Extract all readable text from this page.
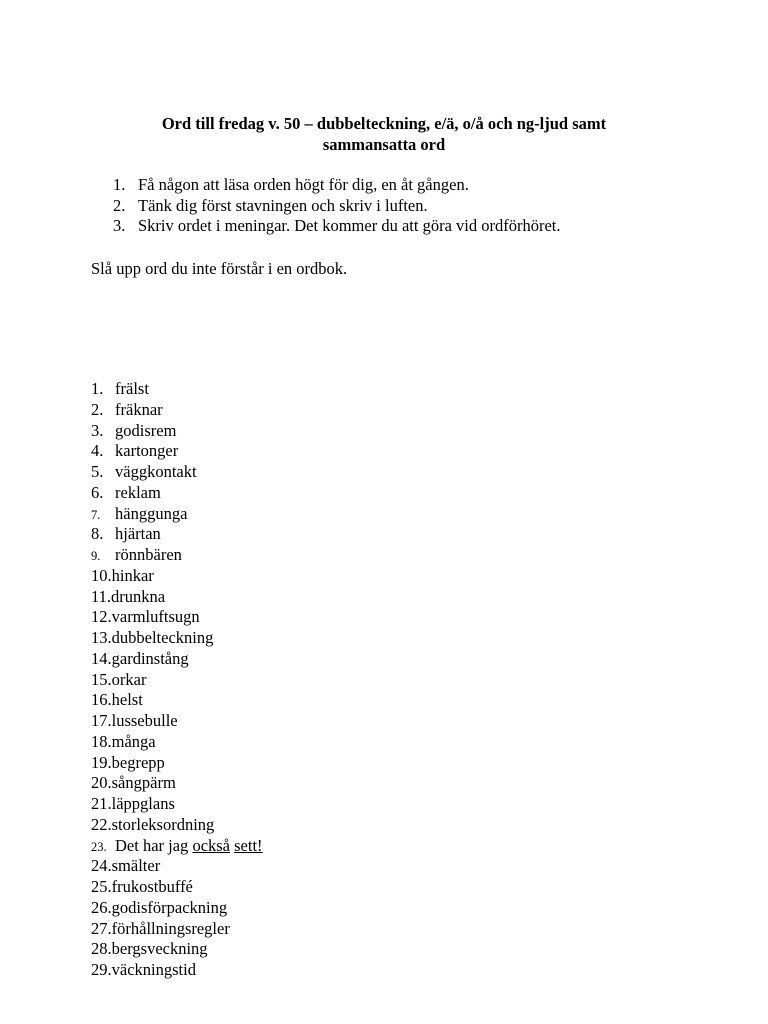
Ord till fredag v. 50 – dubbelteckning, e/ä, o/å och ng-ljud samt
sammansatta ord
1. Få någon att läsa orden högt för dig, en åt gången.
2. Tänk dig först stavningen och skriv i luften.
3. Skriv ordet i meningar. Det kommer du att göra vid ordförhöret.
Slå upp ord du inte förstår i en ordbok.
1. frälst
2. fräknar
3. godisrem
4. kartonger
5. väggkontakt
6. reklam
7. hänggunga
8. hjärtan
9. rönnbären
10.hinkar
11.drunkna
12.varmluftsugn
13.dubbelteckning
14.gardinstång
15.orkar
16.helst
17.lussebulle
18.många
19.begrepp
20.sångpärm
21.läppglans
22.storleksordning
23. Det har jag också sett!
24.smälter
25.frukostbuffé
26.godisförpackning
27.förhållningsregler
28.bergsveckning
29.väckningstid
